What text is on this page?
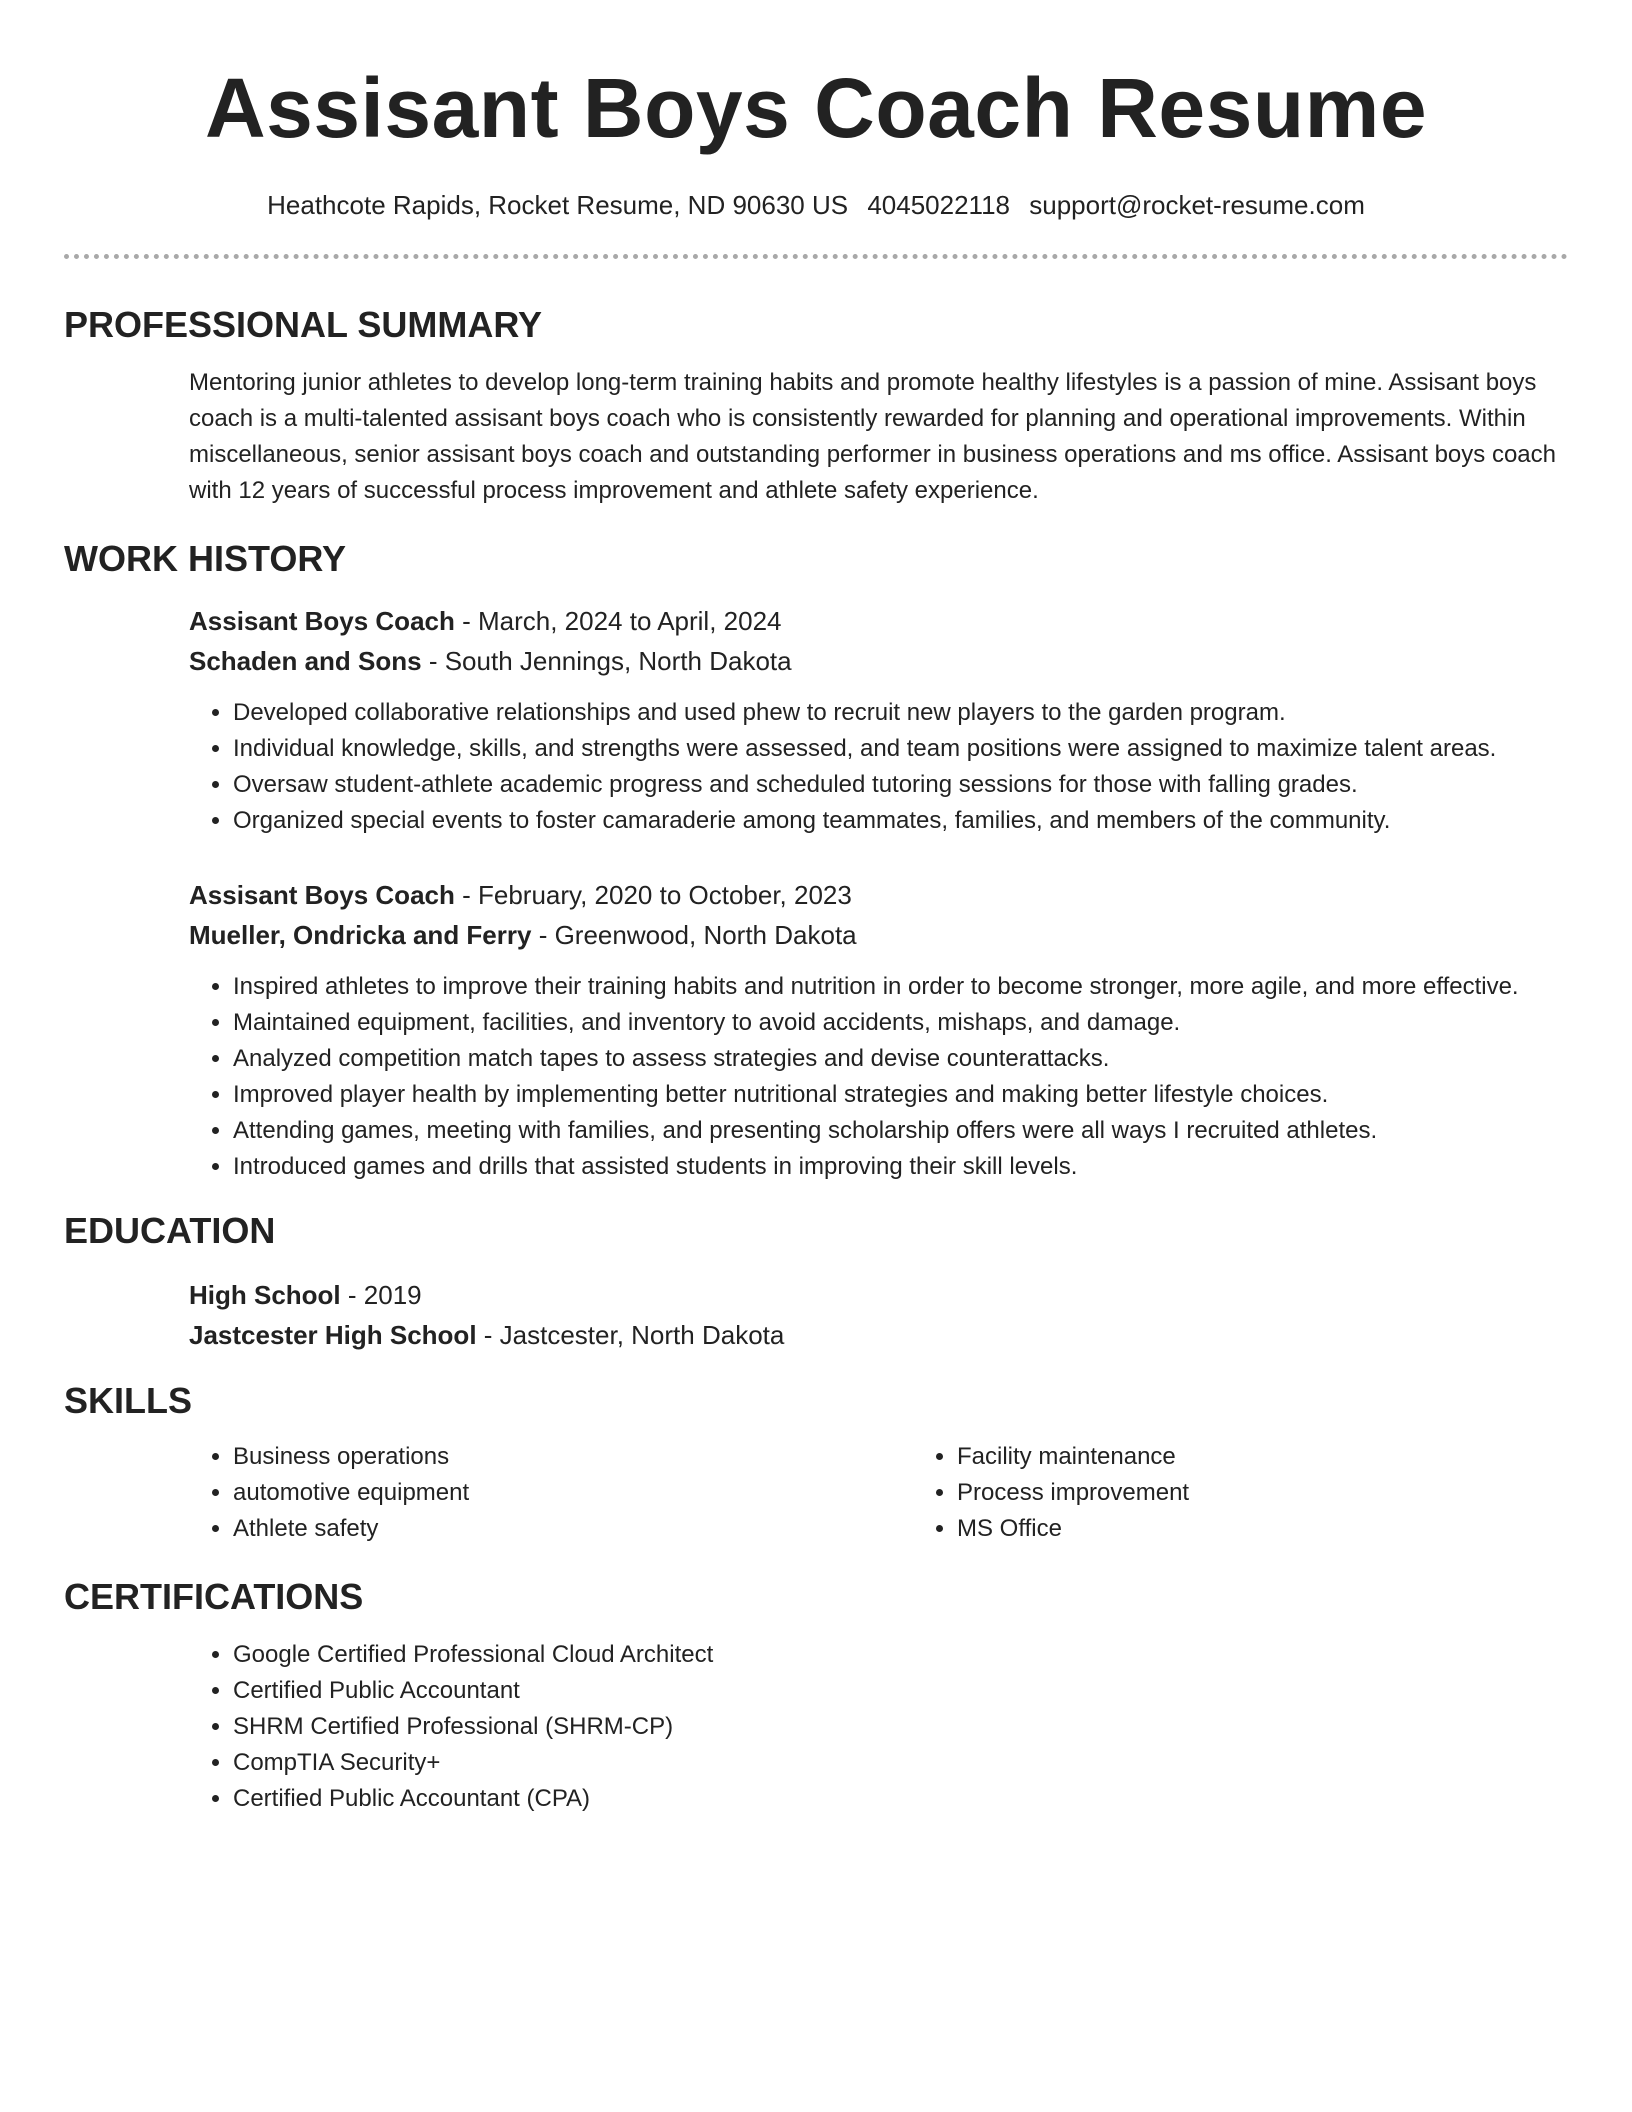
Assisant Boys Coach Resume
Heathcote Rapids, Rocket Resume, ND 90630 US 4045022118 support@rocket-resume.com
PROFESSIONAL SUMMARY
Mentoring junior athletes to develop long-term training habits and promote healthy lifestyles is a passion of mine. Assisant boys coach is a multi-talented assisant boys coach who is consistently rewarded for planning and operational improvements. Within miscellaneous, senior assisant boys coach and outstanding performer in business operations and ms office. Assisant boys coach with 12 years of successful process improvement and athlete safety experience.
WORK HISTORY
Assisant Boys Coach - March, 2024 to April, 2024
Schaden and Sons - South Jennings, North Dakota
• Developed collaborative relationships and used phew to recruit new players to the garden program.
• Individual knowledge, skills, and strengths were assessed, and team positions were assigned to maximize talent areas.
• Oversaw student-athlete academic progress and scheduled tutoring sessions for those with falling grades.
• Organized special events to foster camaraderie among teammates, families, and members of the community.
Assisant Boys Coach - February, 2020 to October, 2023
Mueller, Ondricka and Ferry - Greenwood, North Dakota
• Inspired athletes to improve their training habits and nutrition in order to become stronger, more agile, and more effective.
• Maintained equipment, facilities, and inventory to avoid accidents, mishaps, and damage.
• Analyzed competition match tapes to assess strategies and devise counterattacks.
• Improved player health by implementing better nutritional strategies and making better lifestyle choices.
• Attending games, meeting with families, and presenting scholarship offers were all ways I recruited athletes.
• Introduced games and drills that assisted students in improving their skill levels.
EDUCATION
High School - 2019
Jastcester High School - Jastcester, North Dakota
SKILLS
• Business operations
• automotive equipment
• Athlete safety
• Facility maintenance
• Process improvement
• MS Office
CERTIFICATIONS
• Google Certified Professional Cloud Architect
• Certified Public Accountant
• SHRM Certified Professional (SHRM-CP)
• CompTIA Security+
• Certified Public Accountant (CPA)
